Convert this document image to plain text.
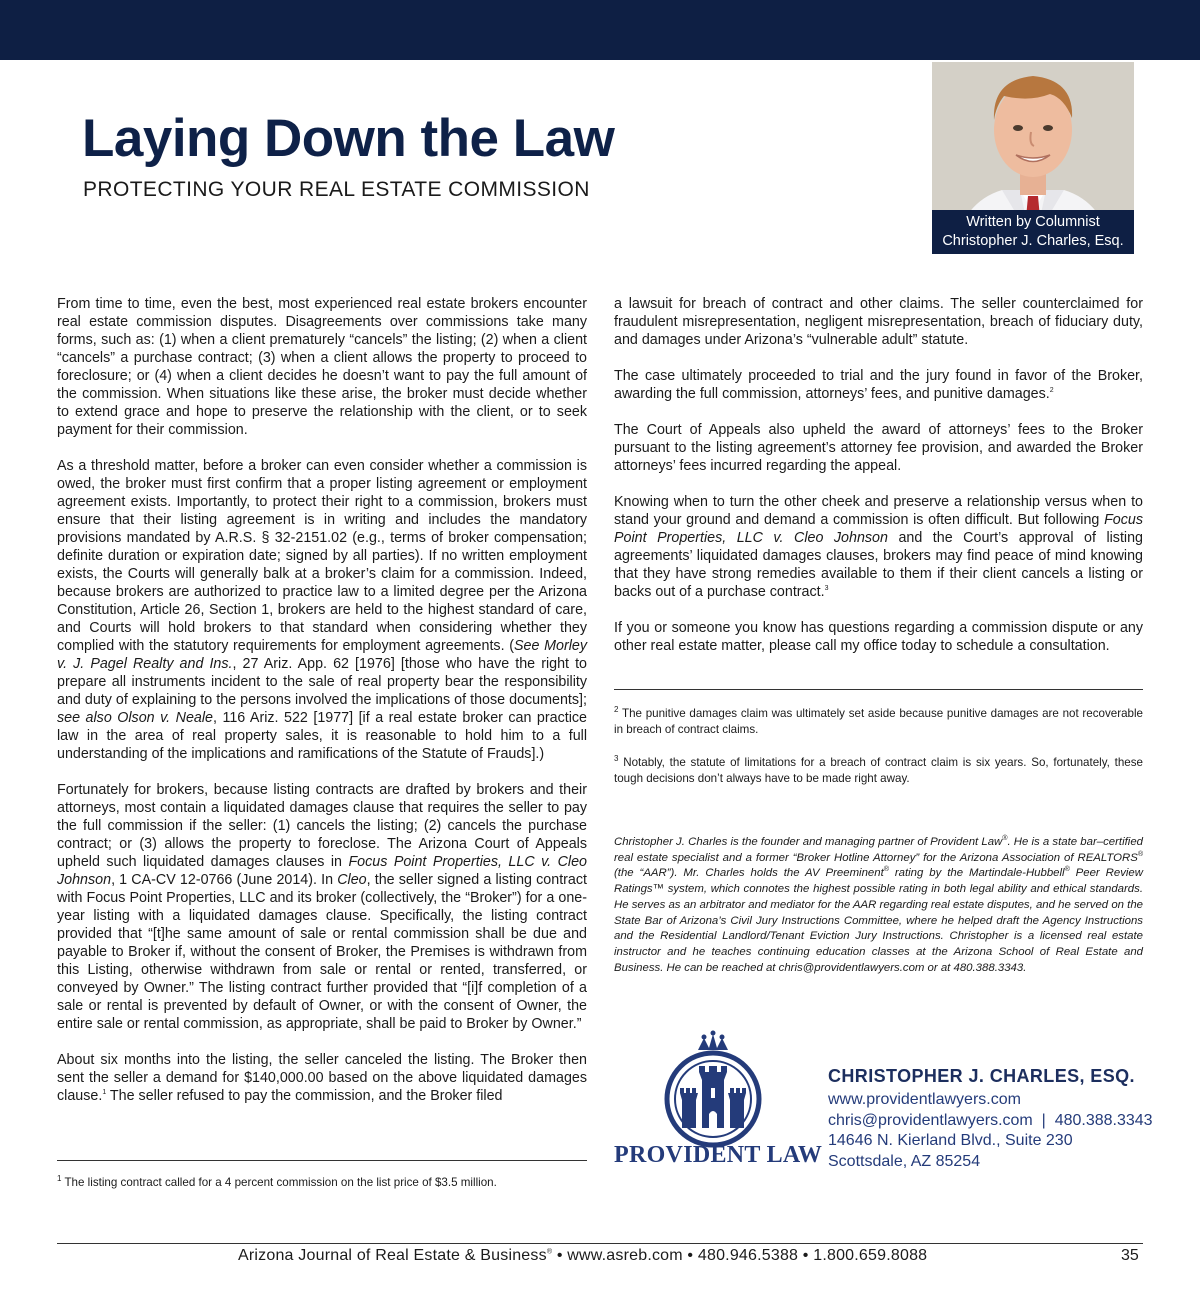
Laying Down the Law
PROTECTING YOUR REAL ESTATE COMMISSION
Written by Columnist
Christopher J. Charles, Esq.

From time to time, even the best, most experienced real estate brokers encounter real estate commission disputes. Disagreements over commissions take many forms, such as: (1) when a client prematurely “cancels” the listing; (2) when a client “cancels” a purchase contract; (3) when a client allows the property to proceed to foreclosure; or (4) when a client decides he doesn’t want to pay the full amount of the commission. When situations like these arise, the broker must decide whether to extend grace and hope to preserve the relationship with the client, or to seek payment for their commission.

As a threshold matter, before a broker can even consider whether a commission is owed, the broker must first confirm that a proper listing agreement or employment agreement exists. Importantly, to protect their right to a commission, brokers must ensure that their listing agreement is in writing and includes the mandatory provisions mandated by A.R.S. § 32-2151.02 (e.g., terms of broker compensation; definite duration or expiration date; signed by all parties). If no written employment exists, the Courts will generally balk at a broker’s claim for a commission. Indeed, because brokers are authorized to practice law to a limited degree per the Arizona Constitution, Article 26, Section 1, brokers are held to the highest standard of care, and Courts will hold brokers to that standard when considering whether they complied with the statutory requirements for employment agreements. (See Morley v. J. Pagel Realty and Ins., 27 Ariz. App. 62 [1976] [those who have the right to prepare all instruments incident to the sale of real property bear the responsibility and duty of explaining to the persons involved the implications of those documents]; see also Olson v. Neale, 116 Ariz. 522 [1977] [if a real estate broker can practice law in the area of real property sales, it is reasonable to hold him to a full understanding of the implications and ramifications of the Statute of Frauds].)

Fortunately for brokers, because listing contracts are drafted by brokers and their attorneys, most contain a liquidated damages clause that requires the seller to pay the full commission if the seller: (1) cancels the listing; (2) cancels the purchase contract; or (3) allows the property to foreclose. The Arizona Court of Appeals upheld such liquidated damages clauses in Focus Point Properties, LLC v. Cleo Johnson, 1 CA-CV 12-0766 (June 2014). In Cleo, the seller signed a listing contract with Focus Point Properties, LLC and its broker (collectively, the “Broker”) for a one-year listing with a liquidated damages clause. Specifically, the listing contract provided that “[t]he same amount of sale or rental commission shall be due and payable to Broker if, without the consent of Broker, the Premises is withdrawn from this Listing, otherwise withdrawn from sale or rental or rented, transferred, or conveyed by Owner.” The listing contract further provided that “[i]f completion of a sale or rental is prevented by default of Owner, or with the consent of Owner, the entire sale or rental commission, as appropriate, shall be paid to Broker by Owner.”

About six months into the listing, the seller canceled the listing. The Broker then sent the seller a demand for $140,000.00 based on the above liquidated damages clause.$^1$ The seller refused to pay the commission, and the Broker filed

$^1$ The listing contract called for a 4 percent commission on the list price of $3.5 million.

a lawsuit for breach of contract and other claims. The seller counterclaimed for fraudulent misrepresentation, negligent misrepresentation, breach of fiduciary duty, and damages under Arizona’s “vulnerable adult” statute.

The case ultimately proceeded to trial and the jury found in favor of the Broker, awarding the full commission, attorneys’ fees, and punitive damages.$^2$

The Court of Appeals also upheld the award of attorneys’ fees to the Broker pursuant to the listing agreement’s attorney fee provision, and awarded the Broker attorneys’ fees incurred regarding the appeal.

Knowing when to turn the other cheek and preserve a relationship versus when to stand your ground and demand a commission is often difficult. But following Focus Point Properties, LLC v. Cleo Johnson and the Court’s approval of listing agreements’ liquidated damages clauses, brokers may find peace of mind knowing that they have strong remedies available to them if their client cancels a listing or backs out of a purchase contract.$^3$

If you or someone you know has questions regarding a commission dispute or any other real estate matter, please call my office today to schedule a consultation.

$^2$ The punitive damages claim was ultimately set aside because punitive damages are not recoverable in breach of contract claims.
$^3$ Notably, the statute of limitations for a breach of contract claim is six years. So, fortunately, these tough decisions don’t always have to be made right away.
Christopher J. Charles is the founder and managing partner of Provident Law®. He is a state bar–certified real estate specialist and a former “Broker Hotline Attorney” for the Arizona Association of REALTORS® (the “AAR”). Mr. Charles holds the AV Preeminent® rating by the Martindale-Hubbell® Peer Review Ratings™ system, which connotes the highest possible rating in both legal ability and ethical standards. He serves as an arbitrator and mediator for the AAR regarding real estate disputes, and he served on the State Bar of Arizona’s Civil Jury Instructions Committee, where he helped draft the Agency Instructions and the Residential Landlord/Tenant Eviction Jury Instructions. Christopher is a licensed real estate instructor and he teaches continuing education classes at the Arizona School of Real Estate and Business. He can be reached at chris@providentlawyers.com or at 480.388.3343.
PROVIDENT LAW
CHRISTOPHER J. CHARLES, ESQ.
www.providentlawyers.com
chris@providentlawyers.com  |  480.388.3343
14646 N. Kierland Blvd., Suite 230
Scottsdale, AZ 85254
Arizona Journal of Real Estate & Business® • www.asreb.com • 480.946.5388 • 1.800.659.8088	35
